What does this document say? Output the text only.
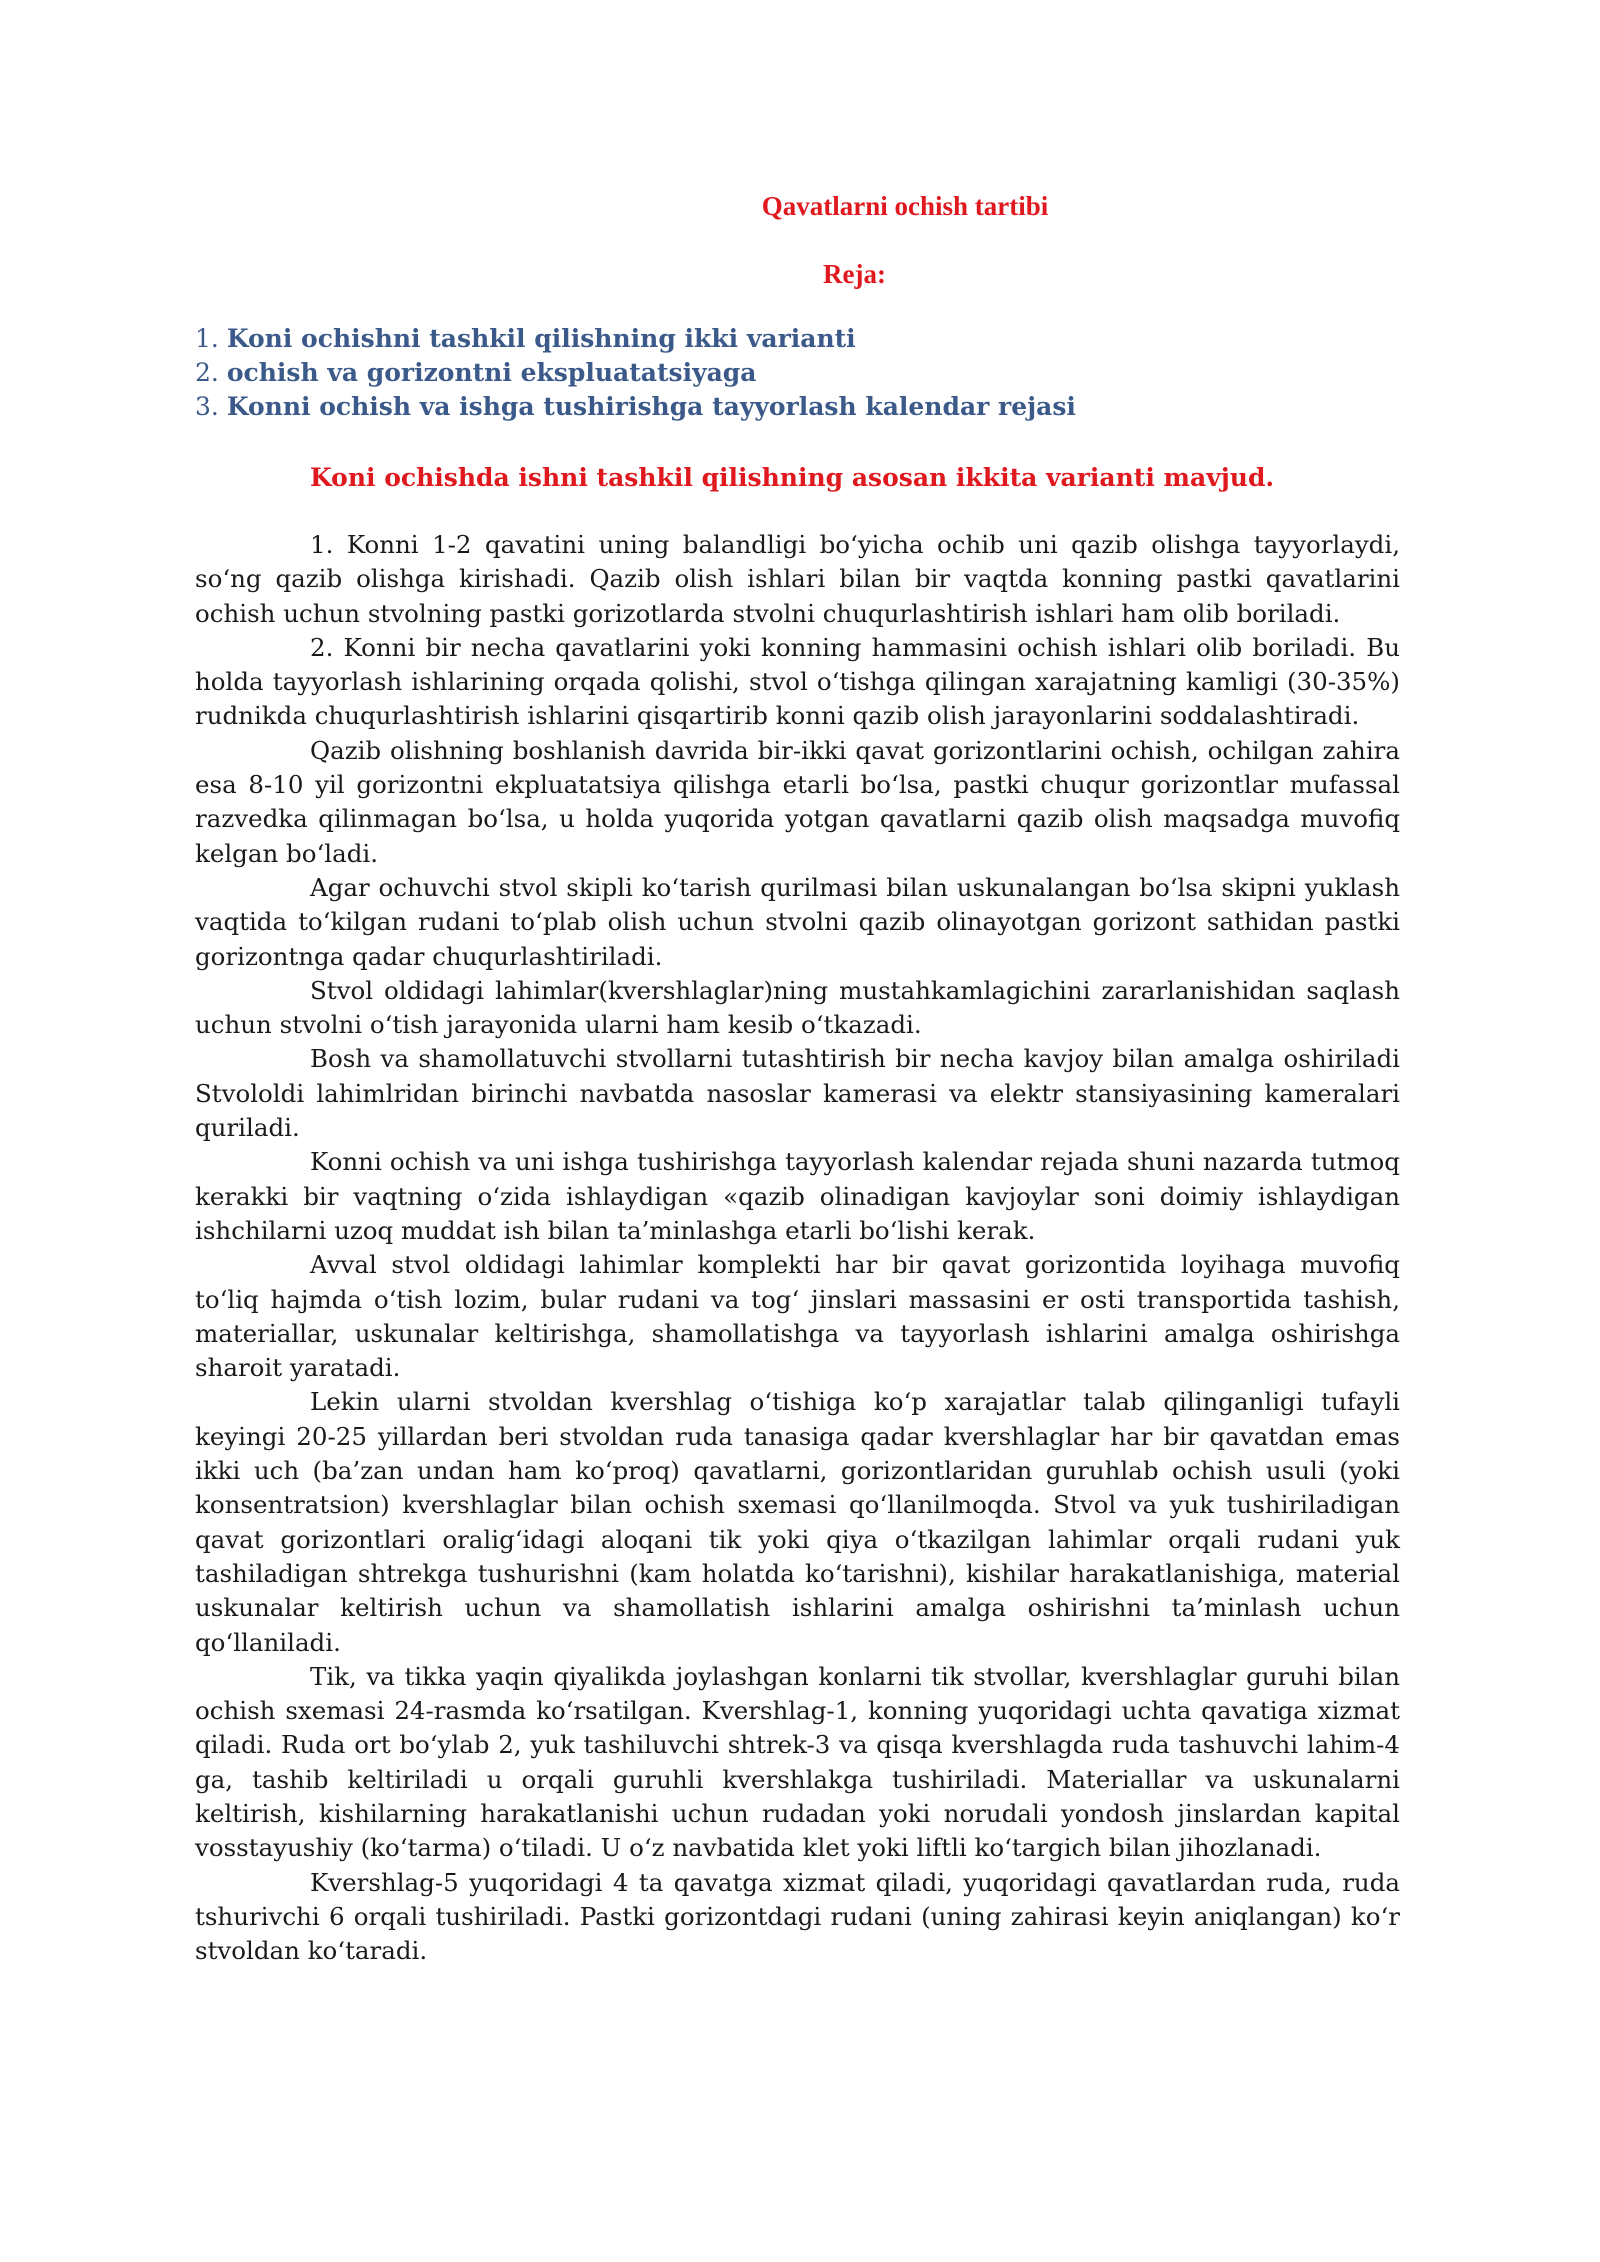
Qavatlarni ochish tartibi
Reja:
1. Koni ochishni tashkil qilishning ikki varianti
2. ochish va gorizontni ekspluatatsiyaga
3. Konni ochish va ishga tushirishga tayyorlash kalendar rejasi
Koni ochishda ishni tashkil qilishning asosan ikkita varianti mavjud.

1. Konni 1-2 qavatini uning balandligi bo‘yicha ochib uni qazib olishga tayyorlaydi, so‘ng qazib olishga kirishadi. Qazib olish ishlari bilan bir vaqtda konning pastki qavatlarini ochish uchun stvolning pastki gorizotlarda stvolni chuqurlashtirish ishlari ham olib boriladi.

2. Konni bir necha qavatlarini yoki konning hammasini ochish ishlari olib boriladi. Bu holda tayyorlash ishlarining orqada qolishi, stvol o‘tishga qilingan xarajatning kamligi (30-35%) rudnikda chuqurlashtirish ishlarini qisqartirib konni qazib olish jarayonlarini soddalashtiradi.

Qazib olishning boshlanish davrida bir-ikki qavat gorizontlarini ochish, ochilgan zahira esa 8-10 yil gorizontni ekpluatatsiya qilishga etarli bo‘lsa, pastki chuqur gorizontlar mufassal razvedka qilinmagan bo‘lsa, u holda yuqorida yotgan qavatlarni qazib olish maqsadga muvofiq kelgan bo‘ladi.

Agar ochuvchi stvol skipli ko‘tarish qurilmasi bilan uskunalangan bo‘lsa skipni yuklash vaqtida to‘kilgan rudani to‘plab olish uchun stvolni qazib olinayotgan gorizont sathidan pastki gorizontnga qadar chuqurlashtiriladi.

Stvol oldidagi lahimlar(kvershlaglar)ning mustahkamlagichini zararlanishidan saqlash uchun stvolni o‘tish jarayonida ularni ham kesib o‘tkazadi.

Bosh va shamollatuvchi stvollarni tutashtirish bir necha kavjoy bilan amalga oshiriladi Stvololdi lahimlridan birinchi navbatda nasoslar kamerasi va elektr stansiyasining kameralari quriladi.

Konni ochish va uni ishga tushirishga tayyorlash kalendar rejada shuni nazarda tutmoq kerakki bir vaqtning o‘zida ishlaydigan «qazib olinadigan kavjoylar soni doimiy ishlaydigan ishchilarni uzoq muddat ish bilan ta’minlashga etarli bo‘lishi kerak.

Avval stvol oldidagi lahimlar komplekti har bir qavat gorizontida loyihaga muvofiq to‘liq hajmda o‘tish lozim, bular rudani va tog‘ jinslari massasini er osti transportida tashish, materiallar, uskunalar keltirishga, shamollatishga va tayyorlash ishlarini amalga oshirishga sharoit yaratadi.

Lekin ularni stvoldan kvershlag o‘tishiga ko‘p xarajatlar talab qilinganligi tufayli keyingi 20-25 yillardan beri stvoldan ruda tanasiga qadar kvershlaglar har bir qavatdan emas ikki uch (ba’zan undan ham ko‘proq) qavatlarni, gorizontlaridan guruhlab ochish usuli (yoki konsentratsion) kvershlaglar bilan ochish sxemasi qo‘llanilmoqda. Stvol va yuk tushiriladigan qavat gorizontlari oralig‘idagi aloqani tik yoki qiya o‘tkazilgan lahimlar orqali rudani yuk tashiladigan shtrekga tushurishni (kam holatda ko‘tarishni), kishilar harakatlanishiga, material uskunalar keltirish uchun va shamollatish ishlarini amalga oshirishni ta’minlash uchun qo‘llaniladi.

Tik, va tikka yaqin qiyalikda joylashgan konlarni tik stvollar, kvershlaglar guruhi bilan ochish sxemasi 24-rasmda ko‘rsatilgan. Kvershlag-1, konning yuqoridagi uchta qavatiga xizmat qiladi. Ruda ort bo‘ylab 2, yuk tashiluvchi shtrek-3 va qisqa kvershlagda ruda tashuvchi lahim-4 ga, tashib keltiriladi u orqali guruhli kvershlakga tushiriladi. Materiallar va uskunalarni keltirish, kishilarning harakatlanishi uchun rudadan yoki norudali yondosh jinslardan kapital vosstayushiy (ko‘tarma) o‘tiladi. U o‘z navbatida klet yoki liftli ko‘targich bilan jihozlanadi.

Kvershlag-5 yuqoridagi 4 ta qavatga xizmat qiladi, yuqoridagi qavatlardan ruda, ruda tshurivchi 6 orqali tushiriladi. Pastki gorizontdagi rudani (uning zahirasi keyin aniqlangan) ko‘r stvoldan ko‘taradi.
